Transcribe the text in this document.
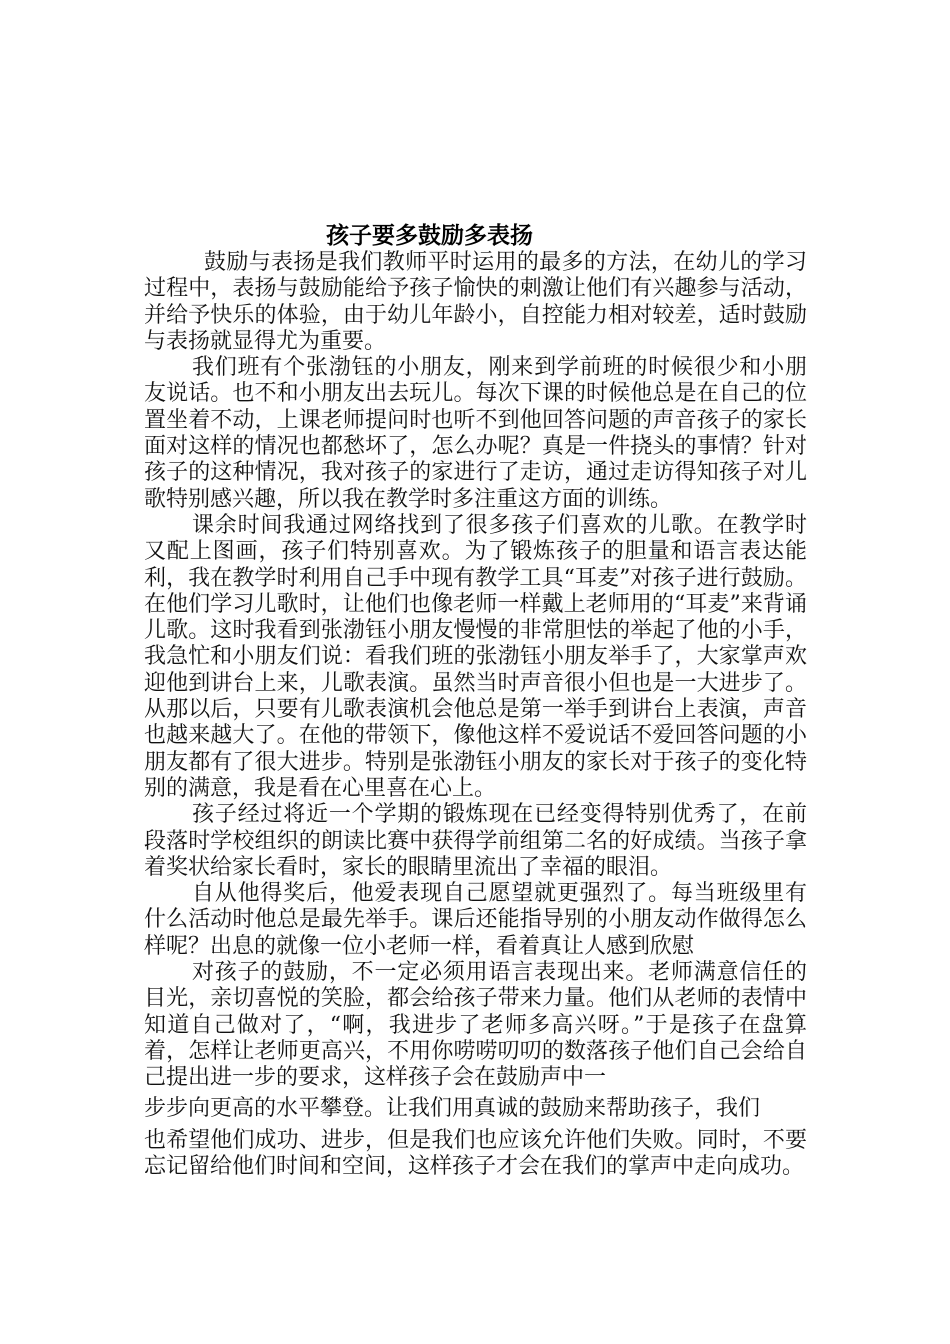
孩子要多鼓励多表扬

鼓励与表扬是我们教师平时运用的最多的方法，在幼儿的学习过程中，表扬与鼓励能给予孩子愉快的刺激让他们有兴趣参与活动，并给予快乐的体验，由于幼儿年龄小，自控能力相对较差，适时鼓励与表扬就显得尤为重要。

我们班有个张渤钰的小朋友，刚来到学前班的时候很少和小朋友说话。也不和小朋友出去玩儿。每次下课的时候他总是在自己的位置坐着不动，上课老师提问时也听不到他回答问题的声音孩子的家长面对这样的情况也都愁坏了，怎么办呢？真是一件挠头的事情？针对孩子的这种情况，我对孩子的家进行了走访，通过走访得知孩子对儿歌特别感兴趣，所以我在教学时多注重这方面的训练。

课余时间我通过网络找到了很多孩子们喜欢的儿歌。在教学时又配上图画，孩子们特别喜欢。为了锻炼孩子的胆量和语言表达能利，我在教学时利用自己手中现有教学工具“耳麦”对孩子进行鼓励。在他们学习儿歌时，让他们也像老师一样戴上老师用的“耳麦”来背诵儿歌。这时我看到张渤钰小朋友慢慢的非常胆怯的举起了他的小手，我急忙和小朋友们说：看我们班的张渤钰小朋友举手了，大家掌声欢迎他到讲台上来，儿歌表演。虽然当时声音很小但也是一大进步了。从那以后，只要有儿歌表演机会他总是第一举手到讲台上表演，声音也越来越大了。在他的带领下，像他这样不爱说话不爱回答问题的小朋友都有了很大进步。特别是张渤钰小朋友的家长对于孩子的变化特别的满意，我是看在心里喜在心上。

孩子经过将近一个学期的锻炼现在已经变得特别优秀了，在前段落时学校组织的朗读比赛中获得学前组第二名的好成绩。当孩子拿着奖状给家长看时，家长的眼睛里流出了幸福的眼泪。

自从他得奖后，他爱表现自己愿望就更强烈了。每当班级里有什么活动时他总是最先举手。课后还能指导别的小朋友动作做得怎么样呢？出息的就像一位小老师一样，看着真让人感到欣慰

对孩子的鼓励，不一定必须用语言表现出来。老师满意信任的目光，亲切喜悦的笑脸，都会给孩子带来力量。他们从老师的表情中知道自己做对了，“啊，我进步了老师多高兴呀。”于是孩子在盘算着，怎样让老师更高兴，不用你唠唠叨叨的数落孩子他们自己会给自己提出进一步的要求，这样孩子会在鼓励声中一

步步向更高的水平攀登。让我们用真诚的鼓励来帮助孩子，我们

也希望他们成功、进步，但是我们也应该允许他们失败。同时，不要忘记留给他们时间和空间，这样孩子才会在我们的掌声中走向成功。
